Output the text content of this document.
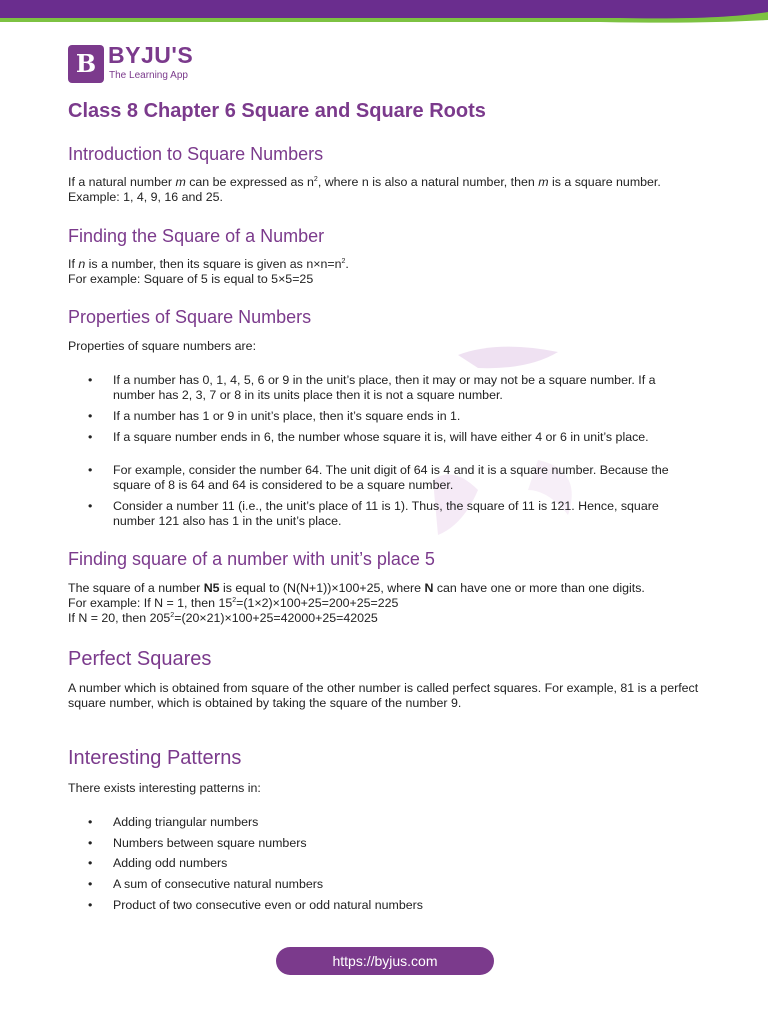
B BYJU'S
The Learning App
Class 8 Chapter 6 Square and Square Roots
Introduction to Square Numbers

If a natural number m can be expressed as $n^2$, where n is also a natural number, then m is a square number.
Example: 1, 4, 9, 16 and 25.

Finding the Square of a Number

If n is a number, then its square is given as $n\times n=n^2$.
For example: Square of 5 is equal to 5×5=25

Properties of Square Numbers

Properties of square numbers are:

• If a number has 0, 1, 4, 5, 6 or 9 in the unit’s place, then it may or may not be a square number. If a number has 2, 3, 7 or 8 in its units place then it is not a square number.
• If a number has 1 or 9 in unit’s place, then it’s square ends in 1.
• If a square number ends in 6, the number whose square it is, will have either 4 or 6 in unit’s place.
• For example, consider the number 64. The unit digit of 64 is 4 and it is a square number. Because the square of 8 is 64 and 64 is considered to be a square number.
• Consider a number 11 (i.e., the unit’s place of 11 is 1). Thus, the square of 11 is 121. Hence, square number 121 also has 1 in the unit’s place.
Finding square of a number with unit’s place 5

The square of a number N5 is equal to (N(N+1))×100+25, where N can have one or more than one digits.
For example: If N = 1, then $15^2=(1\times 2)\times 100+25=200+25=225$
If N = 20, then $205^2=(20\times 21)\times 100+25=42000+25=42025$

Perfect Squares

A number which is obtained from square of the other number is called perfect squares. For example, 81 is a perfect square number, which is obtained by taking the square of the number 9.

Interesting Patterns

There exists interesting patterns in:

• Adding triangular numbers
• Numbers between square numbers
• Adding odd numbers
• A sum of consecutive natural numbers
• Product of two consecutive even or odd natural numbers
https://byjus.com
